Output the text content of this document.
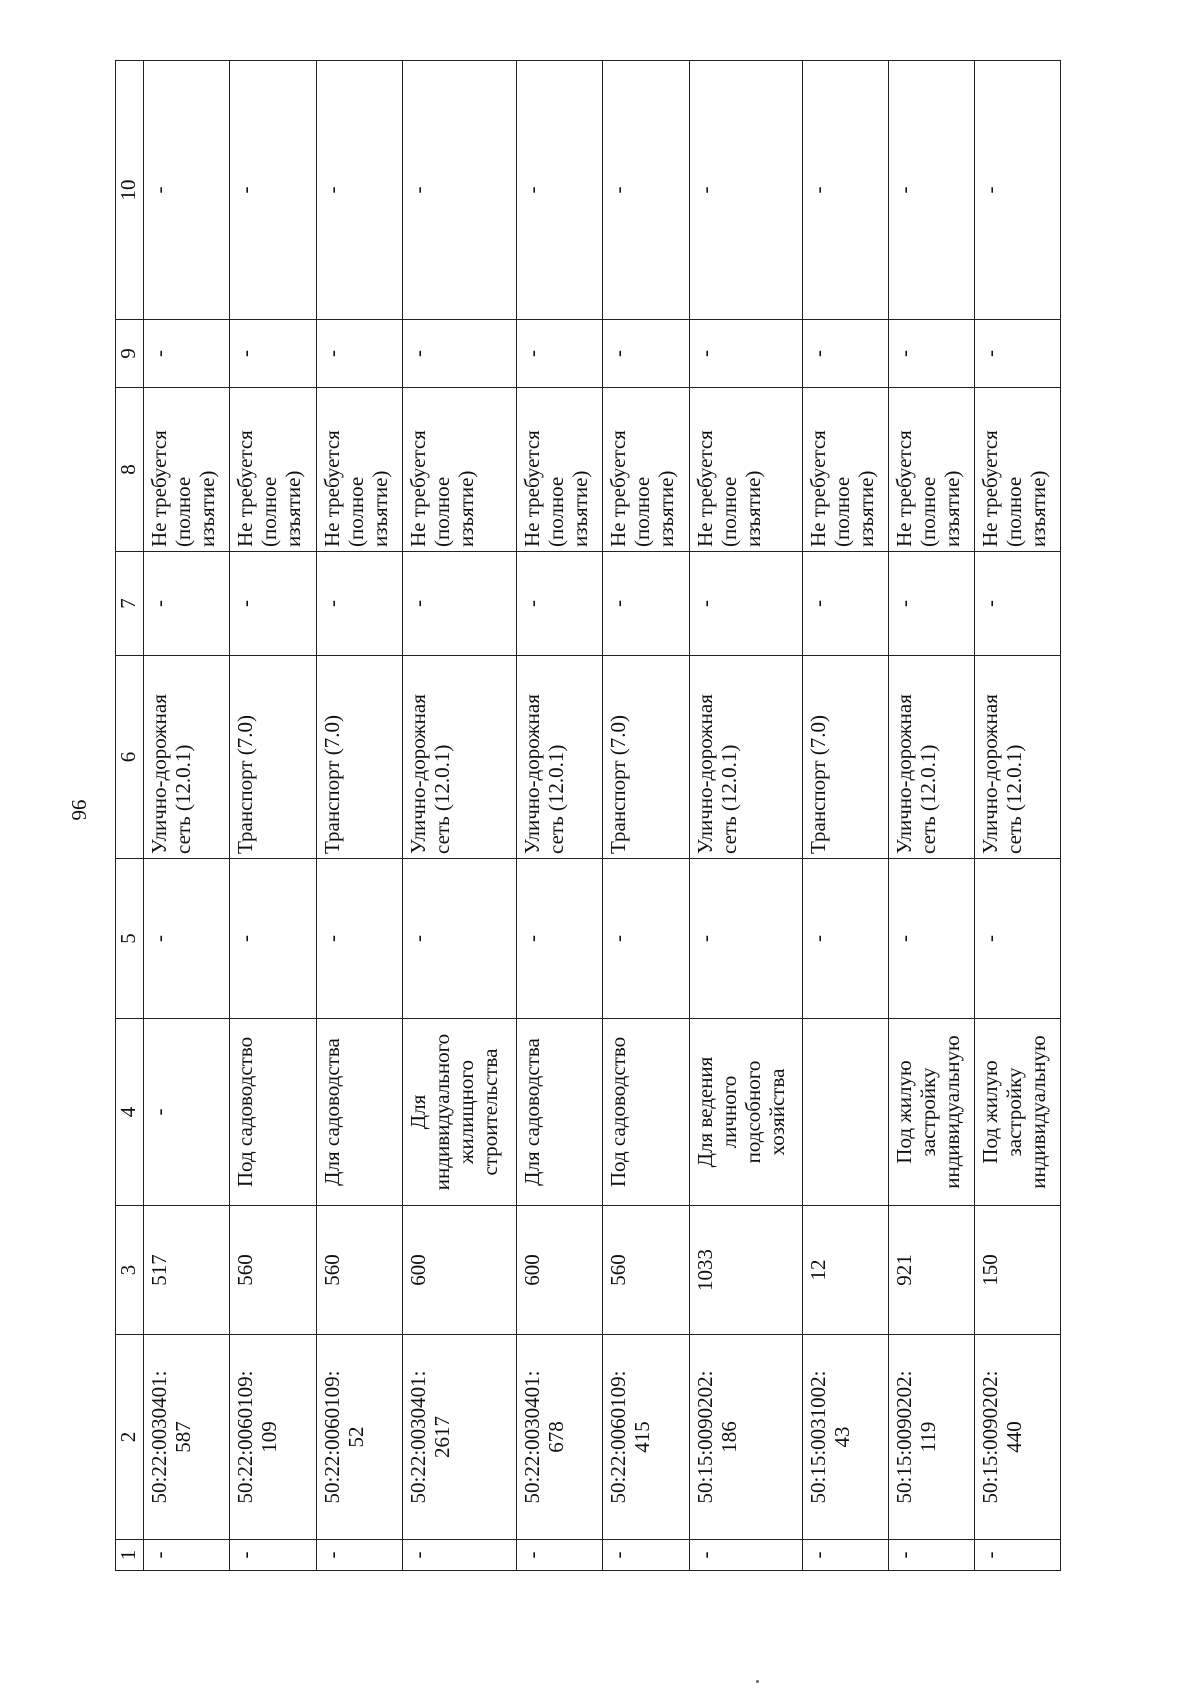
96
1	2	3	4	5	6	7	8	9	10
-	50:22:0030401:
587	517	-	-	Улично-дорожная
сеть (12.0.1)	-	Не требуется
(полное
изъятие)	-	-
-	50:22:0060109:
109	560	Под садоводство	-	Транспорт (7.0)	-	Не требуется
(полное
изъятие)	-	-
-	50:22:0060109:
52	560	Для садоводства	-	Транспорт (7.0)	-	Не требуется
(полное
изъятие)	-	-
-	50:22:0030401:
2617	600	Для
индивидуального
жилищного
строительства	-	Улично-дорожная
сеть (12.0.1)	-	Не требуется
(полное
изъятие)	-	-
-	50:22:0030401:
678	600	Для садоводства	-	Улично-дорожная
сеть (12.0.1)	-	Не требуется
(полное
изъятие)	-	-
-	50:22:0060109:
415	560	Под садоводство	-	Транспорт (7.0)	-	Не требуется
(полное
изъятие)	-	-
-	50:15:0090202:
186	1033	Для ведения
личного
подсобного
хозяйства	-	Улично-дорожная
сеть (12.0.1)	-	Не требуется
(полное
изъятие)	-	-
-	50:15:0031002:
43	12		-	Транспорт (7.0)	-	Не требуется
(полное
изъятие)	-	-
-	50:15:0090202:
119	921	Под жилую
застройку
индивидуальную	-	Улично-дорожная
сеть (12.0.1)	-	Не требуется
(полное
изъятие)	-	-
-	50:15:0090202:
440	150	Под жилую
застройку
индивидуальную	-	Улично-дорожная
сеть (12.0.1)	-	Не требуется
(полное
изъятие)	-	-
